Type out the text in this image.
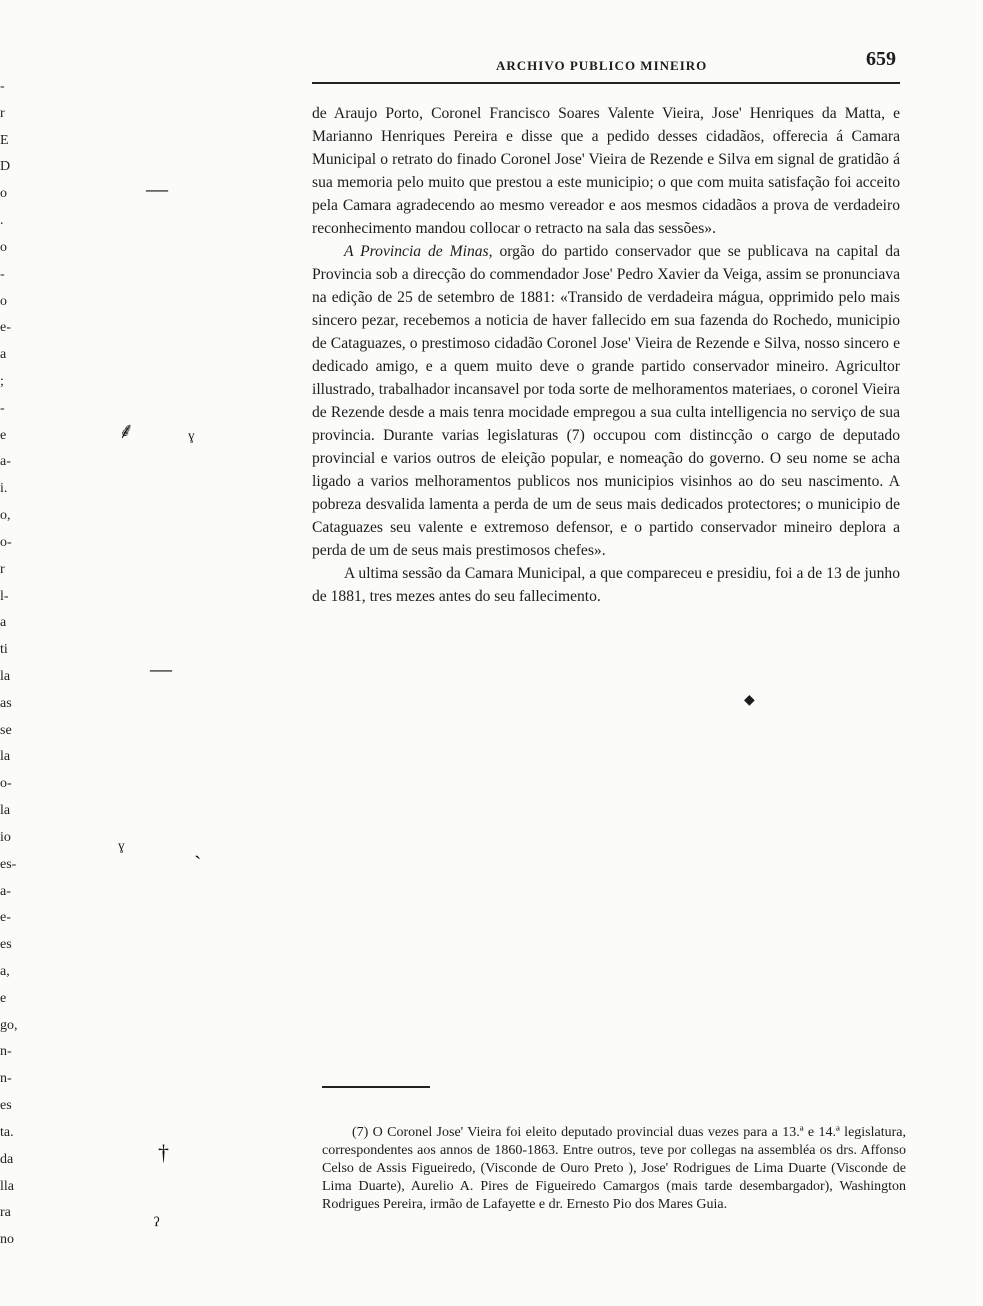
-
r
E
D
o
.
o
-
o
e-
a
;
-
e
a-
i.
o,
o-
r
l-
a
ti
la
as
se
la
o-
la
io
es-
a-
e-
es
a,
e
go,
n-
n-
es
ta.
da
lla
ra
no
—
⸙ ˠ
—
ˠ	ˏ
†
ˀ
ARCHIVO PUBLICO MINEIRO	659

de Araujo Porto, Coronel Francisco Soares Valente Vieira, Jose' Henriques da Matta, e Marianno Henriques Pereira e disse que a pedido desses cidadãos, offerecia á Camara Municipal o retrato do finado Coronel Jose' Vieira de Rezende e Silva em signal de gratidão á sua memoria pelo muito que prestou a este municipio; o que com muita satisfação foi acceito pela Camara agradecendo ao mesmo vereador e aos mesmos cidadãos a prova de verdadeiro reconhecimento mandou collocar o retracto na sala das sessões».

A Provincia de Minas, orgão do partido conservador que se publicava na capital da Provincia sob a direcção do commendador Jose' Pedro Xavier da Veiga, assim se pronunciava na edição de 25 de setembro de 1881: «Transido de verdadeira mágua, opprimido pelo mais sincero pezar, recebemos a noticia de haver fallecido em sua fazenda do Rochedo, municipio de Cataguazes, o prestimoso cidadão Coronel Jose' Vieira de Rezende e Silva, nosso sincero e dedicado amigo, e a quem muito deve o grande partido conservador mineiro. Agricultor illustrado, trabalhador incansavel por toda sorte de melhoramentos materiaes, o coronel Vieira de Rezende desde a mais tenra mocidade empregou a sua culta intelligencia no serviço de sua provincia. Durante varias legislaturas (7) occupou com distincção o cargo de deputado provincial e varios outros de eleição popular, e nomeação do governo. O seu nome se acha ligado a varios melhoramentos publicos nos municipios visinhos ao do seu nascimento. A pobreza desvalida lamenta a perda de um de seus mais dedicados protectores; o municipio de Cataguazes seu valente e extremoso defensor, e o partido conservador mineiro deplora a perda de um de seus mais prestimosos chefes».

A ultima sessão da Camara Municipal, a que compareceu e presidiu, foi a de 13 de junho de 1881, tres mezes antes do seu fallecimento.

◆

(7) O Coronel Jose' Vieira foi eleito deputado provincial duas vezes para a 13.ª e 14.ª legislatura, correspondentes aos annos de 1860-1863. Entre outros, teve por collegas na assembléa os drs. Affonso Celso de Assis Figueiredo, (Visconde de Ouro Preto ), Jose' Rodrigues de Lima Duarte (Visconde de Lima Duarte), Aurelio A. Pires de Figueiredo Camargos (mais tarde desembargador), Washington Rodrigues Pereira, irmão de Lafayette e dr. Ernesto Pio dos Mares Guia.
